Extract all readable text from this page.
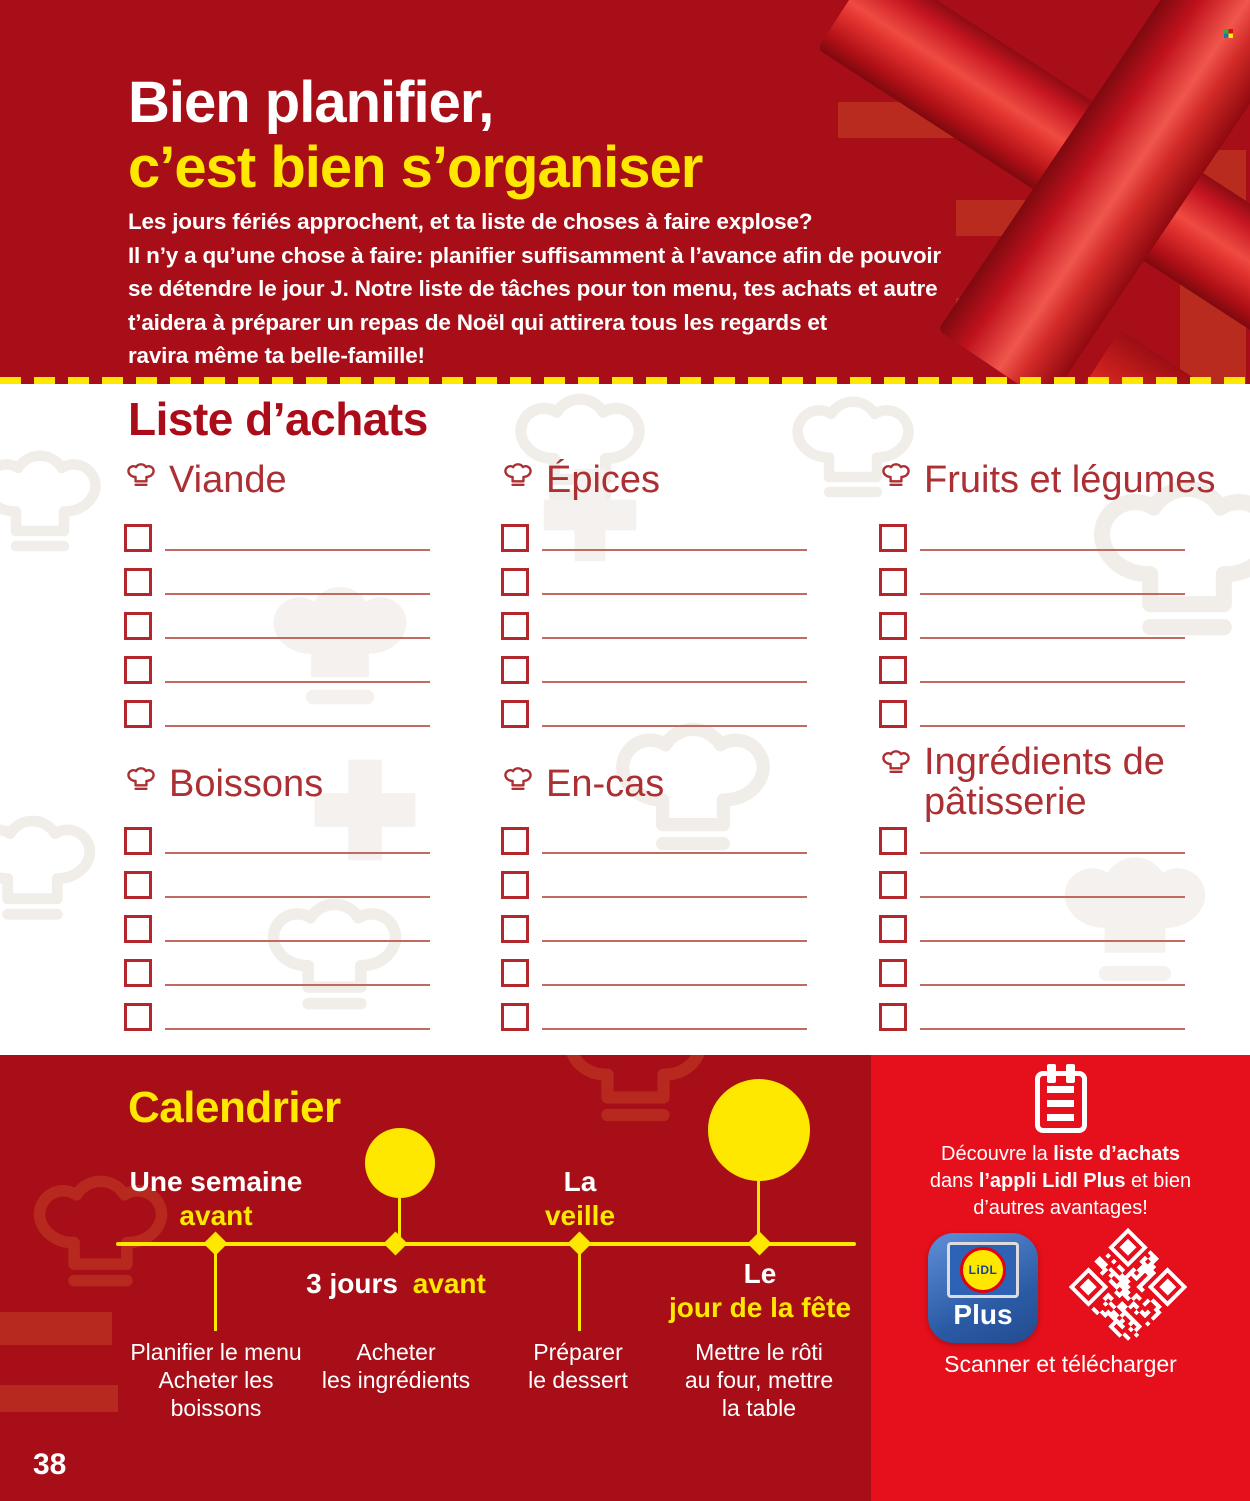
Bien planifier,
c’est bien s’organiser
Les jours fériés approchent, et ta liste de choses à faire explose?
Il n’y a qu’une chose à faire: planifier suffisamment à l’avance afin de pouvoir
se détendre le jour J. Notre liste de tâches pour ton menu, tes achats et autre
t’aidera à préparer un repas de Noël qui attirera tous les regards et
ravira même ta belle-famille!
Liste d’achats
Viande	Épices	Fruits et légumes
Boissons	En-cas
Ingrédients de pâtisserie
Calendrier
Une semaine
avant
3 jours avant
La
veille
Le
jour de la fête
Planifier le menu
Acheter les
boissons
Acheter
les ingrédients
Préparer
le dessert
Mettre le rôti
au four, mettre
la table
38
Découvre la liste d’achats
dans l’appli Lidl Plus et bien
d’autres avantages!
LiDL
Plus
Scanner et télécharger
